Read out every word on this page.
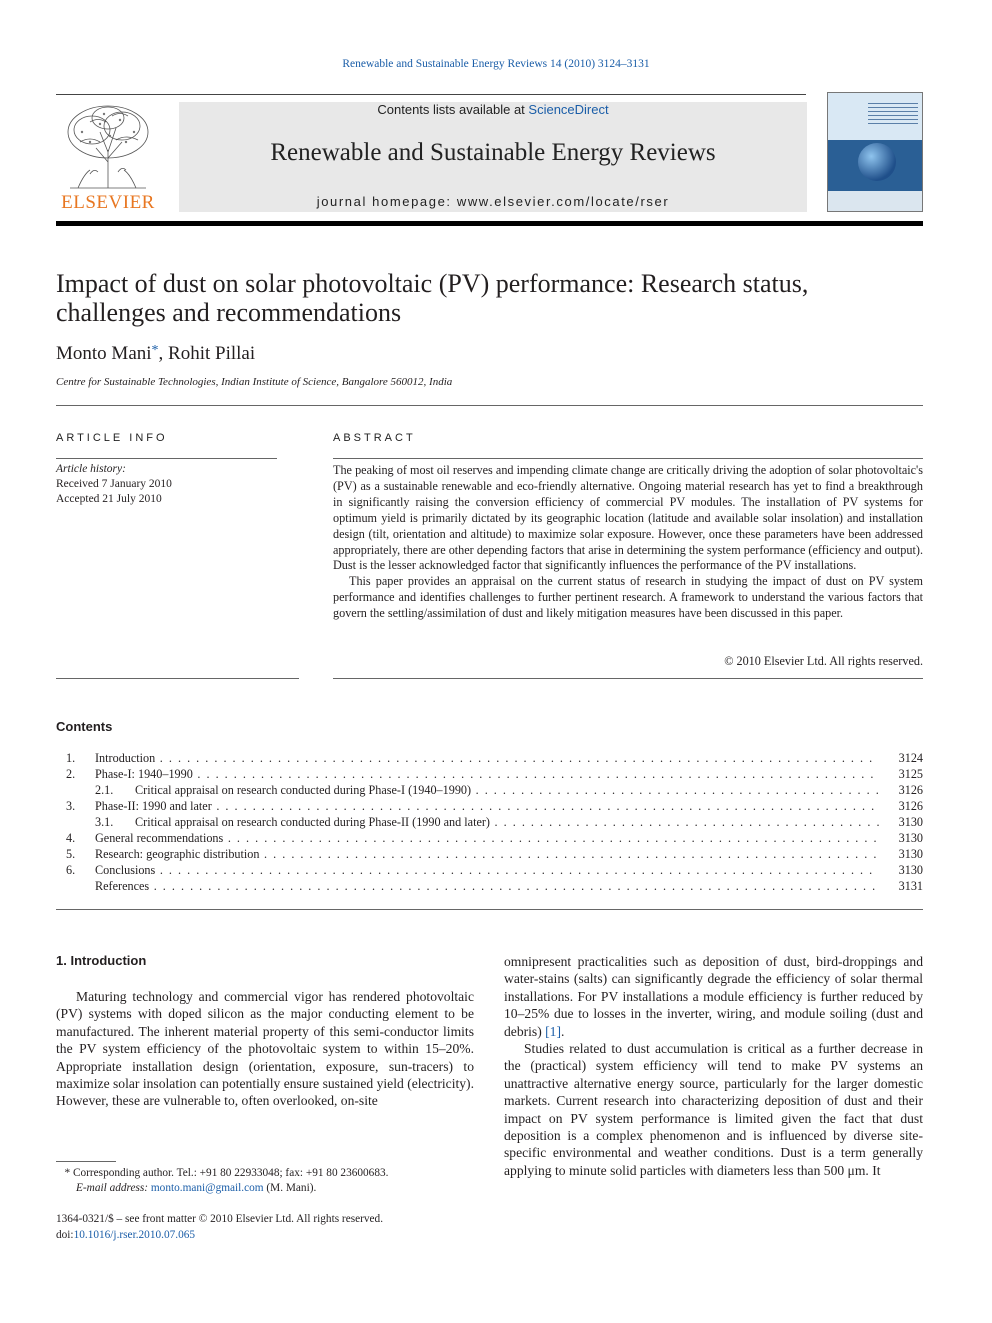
Renewable and Sustainable Energy Reviews 14 (2010) 3124–3131
ELSEVIER
Contents lists available at ScienceDirect
Renewable and Sustainable Energy Reviews
journal homepage: www.elsevier.com/locate/rser
Impact of dust on solar photovoltaic (PV) performance: Research status, challenges and recommendations
Monto Mani*, Rohit Pillai
Centre for Sustainable Technologies, Indian Institute of Science, Bangalore 560012, India
ARTICLE INFO
Article history:
Received 7 January 2010
Accepted 21 July 2010
ABSTRACT

The peaking of most oil reserves and impending climate change are critically driving the adoption of solar photovoltaic's (PV) as a sustainable renewable and eco-friendly alternative. Ongoing material research has yet to find a breakthrough in significantly raising the conversion efficiency of commercial PV modules. The installation of PV systems for optimum yield is primarily dictated by its geographic location (latitude and available solar insolation) and installation design (tilt, orientation and altitude) to maximize solar exposure. However, once these parameters have been addressed appropriately, there are other depending factors that arise in determining the system performance (efficiency and output). Dust is the lesser acknowledged factor that significantly influences the performance of the PV installations.

This paper provides an appraisal on the current status of research in studying the impact of dust on PV system performance and identifies challenges to further pertinent research. A framework to understand the various factors that govern the settling/assimilation of dust and likely mitigation measures have been discussed in this paper.

© 2010 Elsevier Ltd. All rights reserved.
Contents
1. Introduction . . .	3124
2. Phase-I: 1940–1990 . . .	3125
2.1. Critical appraisal on research conducted during Phase-I (1940–1990) . . .	3126
3. Phase-II: 1990 and later . . .	3126
3.1. Critical appraisal on research conducted during Phase-II (1990 and later) . . .	3130
4. General recommendations . . .	3130
5. Research: geographic distribution . . .	3130
6. Conclusions . . .	3130
References . . .	3131
1. Introduction

Maturing technology and commercial vigor has rendered photovoltaic (PV) systems with doped silicon as the major conducting element to be manufactured. The inherent material property of this semi-conductor limits the PV system efficiency of the photovoltaic system to within 15–20%. Appropriate installation design (orientation, exposure, sun-tracers) to maximize solar insolation can potentially ensure sustained yield (electricity). However, these are vulnerable to, often overlooked, on-site

omnipresent practicalities such as deposition of dust, bird-droppings and water-stains (salts) can significantly degrade the efficiency of solar thermal installations. For PV installations a module efficiency is further reduced by 10–25% due to losses in the inverter, wiring, and module soiling (dust and debris) [1].

Studies related to dust accumulation is critical as a further decrease in the (practical) system efficiency will tend to make PV systems an unattractive alternative energy source, particularly for the larger domestic markets. Current research into characterizing deposition of dust and their impact on PV system performance is limited given the fact that dust deposition is a complex phenomenon and is influenced by diverse site-specific environmental and weather conditions. Dust is a term generally applying to minute solid particles with diameters less than 500 μm. It

* Corresponding author. Tel.: +91 80 22933048; fax: +91 80 23600683.
E-mail address: monto.mani@gmail.com (M. Mani).
1364-0321/$ – see front matter © 2010 Elsevier Ltd. All rights reserved.
doi:10.1016/j.rser.2010.07.065
